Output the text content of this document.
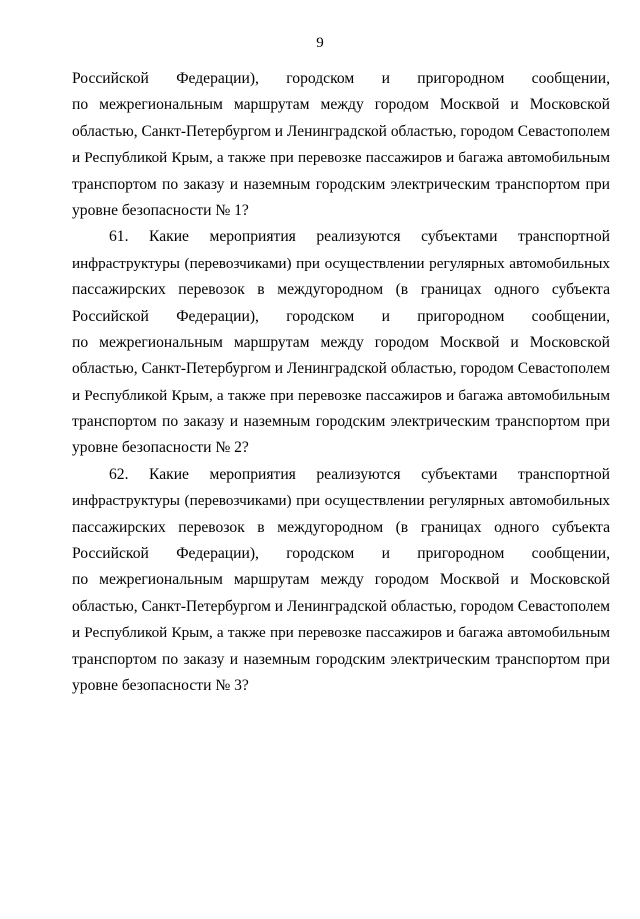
9
Российской Федерации), городском и пригородном сообщении,
по межрегиональным маршрутам между городом Москвой и Московской
областью, Санкт-Петербургом и Ленинградской областью, городом Севастополем
и Республикой Крым, а также при перевозке пассажиров и багажа автомобильным
транспортом по заказу и наземным городским электрическим транспортом при
уровне безопасности № 1?
61. Какие мероприятия реализуются субъектами транспортной
инфраструктуры (перевозчиками) при осуществлении регулярных автомобильных
пассажирских перевозок в междугородном (в границах одного субъекта
Российской Федерации), городском и пригородном сообщении,
по межрегиональным маршрутам между городом Москвой и Московской
областью, Санкт-Петербургом и Ленинградской областью, городом Севастополем
и Республикой Крым, а также при перевозке пассажиров и багажа автомобильным
транспортом по заказу и наземным городским электрическим транспортом при
уровне безопасности № 2?
62. Какие мероприятия реализуются субъектами транспортной
инфраструктуры (перевозчиками) при осуществлении регулярных автомобильных
пассажирских перевозок в междугородном (в границах одного субъекта
Российской Федерации), городском и пригородном сообщении,
по межрегиональным маршрутам между городом Москвой и Московской
областью, Санкт-Петербургом и Ленинградской областью, городом Севастополем
и Республикой Крым, а также при перевозке пассажиров и багажа автомобильным
транспортом по заказу и наземным городским электрическим транспортом при
уровне безопасности № 3?
